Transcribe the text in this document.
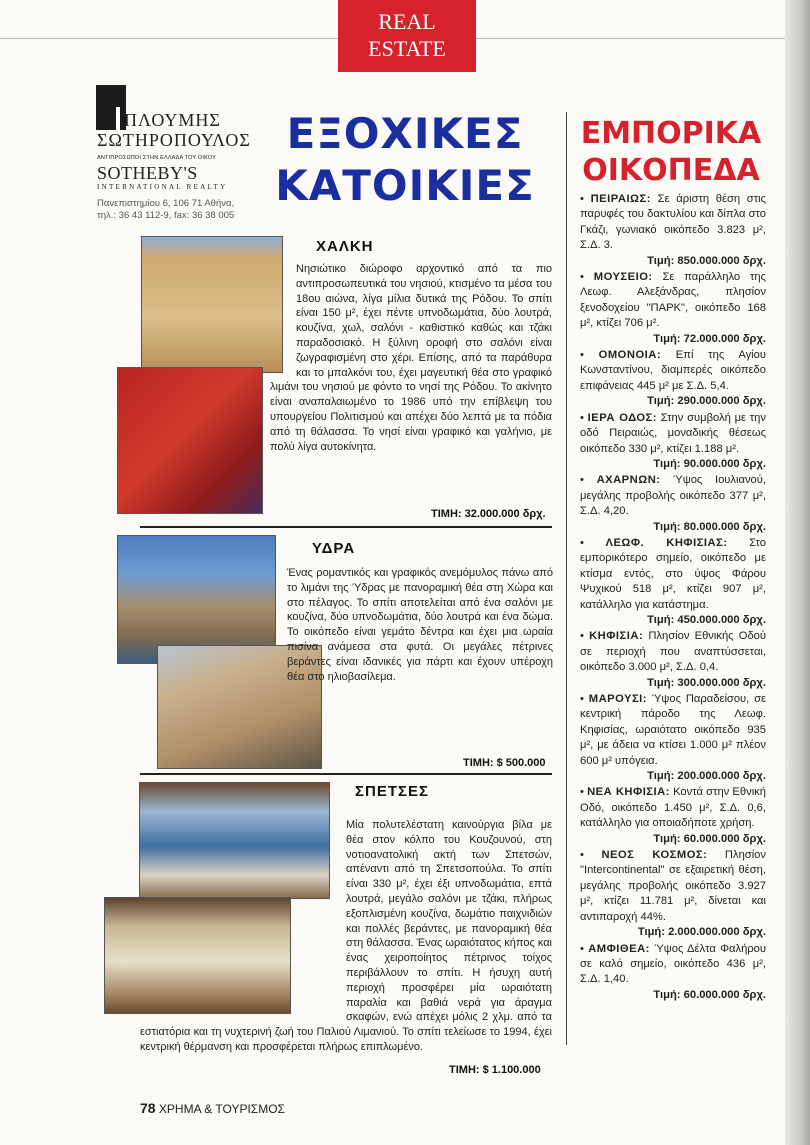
REAL
ESTATE
ΠΛΟΥΜΗΣ
ΣΩΤΗΡΟΠΟΥΛΟΣ
ΑΝΤΙΠΡΟΣΩΠΟΙ ΣΤΗΝ ΕΛΛΑΔΑ ΤΟΥ ΟΙΚΟΥ
SOTHEBY'S
INTERNATIONAL REALTY
Πανεπιστημίου 6, 106 71 Αθήνα,
τηλ.: 36 43 112-9, fax: 36 38 005
ΕΞΟΧΙΚΕΣ
ΚΑΤΟΙΚΙΕΣ
ΧΑΛΚΗ
Νησιώτικο διώροφο αρχοντικό από τα πιο αντιπροσωπευτικά του νησιού, κτισμένο τα μέσα του 18ου αιώνα, λίγα μίλια δυτικά της Ρόδου. Το σπίτι είναι 150 μ², έχει πέντε υπνοδωμάτια, δύο λουτρά, κουζίνα, χωλ, σαλόνι - καθιστικό καθώς και τζάκι παραδοσιακό. Η ξύλινη οροφή στο σαλόνι είναι ζωγραφισμένη στο χέρι. Επίσης, από τα παράθυρα και το μπαλκόνι του, έχει μαγευτική θέα στο γραφικό λιμάνι του νησιού με φόντο το νησί της Ρόδου. Το ακίνητο είναι αναπαλαιωμένο το 1986 υπό την επίβλεψη του υπουργείου Πολιτισμού και απέχει δύο λεπτά με τα πόδια από τη θάλασσα. Το νησί είναι γραφικό και γαλήνιο, με πολύ λίγα αυτοκίνητα.
ΤΙΜΗ: 32.000.000 δρχ.
ΥΔΡΑ
Ένας ρομαντικός και γραφικός ανεμόμυλος πάνω από το λιμάνι της Ύδρας με πανοραμική θέα στη Χώρα και στο πέλαγος. Το σπίτι αποτελείται από ένα σαλόνι με κουζίνα, δύο υπνοδωμάτια, δύο λουτρά και ένα δώμα. Το οικόπεδο είναι γεμάτο δέντρα και έχει μια ωραία πισίνα ανάμεσα στα φυτά. Οι μεγάλες πέτρινες βεράντες είναι ιδανικές για πάρτι και έχουν υπέροχη θέα στο ηλιοβασίλεμα.
ΤΙΜΗ: $ 500.000
ΣΠΕΤΣΕΣ
Μία πολυτελέστατη καινούργια βίλα με θέα στον κόλπο του Κουζουνού, στη νοτιοανατολική ακτή των Σπετσών, απέναντι από τη Σπετσοπούλα. Το σπίτι είναι 330 μ², έχει έξι υπνοδωμάτια, επτά λουτρά, μεγάλο σαλόνι με τζάκι, πλήρως εξοπλισμένη κουζίνα, δωμάτιο παιχνιδιών και πολλές βεράντες, με πανοραμική θέα στη θάλασσα. Ένας ωραιότατος κήπος και ένας χειροποίητος πέτρινος τοίχος περιβάλλουν το σπίτι. Η ήσυχη αυτή περιοχή προσφέρει μία ωραιότατη παραλία και βαθιά νερά για άραγμα σκαφών, ενώ απέχει μόλις 2 χλμ. από τα εστιατόρια και τη νυχτερινή ζωή του Παλιού Λιμανιού. Το σπίτι τελείωσε το 1994, έχει κεντρική θέρμανση και προσφέρεται πλήρως επιπλωμένο.
ΤΙΜΗ: $ 1.100.000
ΕΜΠΟΡΙΚΑ
ΟΙΚΟΠΕΔΑ
• ΠΕΙΡΑΙΩΣ: Σε άριστη θέση στις παρυφές του δακτυλίου και δίπλα στο Γκάζι, γωνιακό οικόπεδο 3.823 μ², Σ.Δ. 3.
Τιμή: 850.000.000 δρχ.
• ΜΟΥΣΕΙΟ: Σε παράλληλο της Λεωφ. Αλεξάνδρας, πλησίον ξενοδοχείου "ΠΑΡΚ", οικόπεδο 168 μ², κτίζει 706 μ².
Τιμή: 72.000.000 δρχ.
• ΟΜΟΝΟΙΑ: Επί της Αγίου Κωνσταντίνου, διαμπερές οικόπεδο επιφάνειας 445 μ² με Σ.Δ. 5,4.
Τιμή: 290.000.000 δρχ.
• ΙΕΡΑ ΟΔΟΣ: Στην συμβολή με την οδό Πειραιώς, μοναδικής θέσεως οικόπεδο 330 μ², κτίζει 1.188 μ².
Τιμή: 90.000.000 δρχ.
• ΑΧΑΡΝΩΝ: Ύψος Ιουλιανού, μεγάλης προβολής οικόπεδο 377 μ², Σ.Δ. 4,20.
Τιμή: 80.000.000 δρχ.
• ΛΕΩΦ. ΚΗΦΙΣΙΑΣ: Στο εμπορικότερο σημείο, οικόπεδο με κτίσμα εντός, στο ύψος Φάρου Ψυχικού 518 μ², κτίζει 907 μ², κατάλληλο για κατάστημα.
Τιμή: 450.000.000 δρχ.
• ΚΗΦΙΣΙΑ: Πλησίον Εθνικής Οδού σε περιοχή που αναπτύσσεται, οικόπεδο 3.000 μ², Σ.Δ. 0,4.
Τιμή: 300.000.000 δρχ.
• ΜΑΡΟΥΣΙ: Ύψος Παραδείσου, σε κεντρική πάροδο της Λεωφ. Κηφισίας, ωραιότατο οικόπεδο 935 μ², με άδεια να κτίσει 1.000 μ² πλέον 600 μ² υπόγεια.
Τιμή: 200.000.000 δρχ.
• ΝΕΑ ΚΗΦΙΣΙΑ: Κοντά στην Εθνική Οδό, οικόπεδο 1.450 μ², Σ.Δ. 0,6, κατάλληλο για οποιαδήποτε χρήση.
Τιμή: 60.000.000 δρχ.
• ΝΕΟΣ ΚΟΣΜΟΣ: Πλησίον "Intercontinental" σε εξαιρετική θέση, μεγάλης προβολής οικόπεδο 3.927 μ², κτίζει 11.781 μ², δίνεται και αντιπαροχή 44%.
Τιμή: 2.000.000.000 δρχ.
• ΑΜΦΙΘΕΑ: Ύψος Δέλτα Φαλήρου σε καλό σημείο, οικόπεδο 436 μ², Σ.Δ. 1,40.
Τιμή: 60.000.000 δρχ.
78 ΧΡΗΜΑ & ΤΟΥΡΙΣΜΟΣ
